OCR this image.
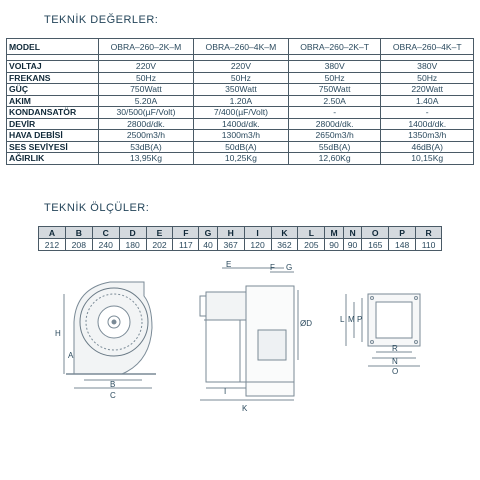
TEKNİK DEĞERLER:
MODEL	OBRA–260–2K–M	OBRA–260–4K–M	OBRA–260–2K–T	OBRA–260–4K–T

VOLTAJ	220V	220V	380V	380V
FREKANS	50Hz	50Hz	50Hz	50Hz
GÜÇ	750Watt	350Watt	750Watt	220Watt
AKIM	5.20A	1.20A	2.50A	1.40A
KONDANSATÖR	30/500(µF/Volt)	7/400(µF/Volt)	-	-
DEVİR	2800d/dk.	1400d/dk.	2800d/dk.	1400d/dk.
HAVA DEBİSİ	2500m3/h	1300m3/h	2650m3/h	1350m3/h
SES SEVİYESİ	53dB(A)	50dB(A)	55dB(A)	46dB(A)
AĞIRLIK	13,95Kg	10,25Kg	12,60Kg	10,15Kg
TEKNİK ÖLÇÜLER:
A	B	C	D	E	F	G	H	I	K	L	M	N	O	P	R
212	208	240	180	202	117	40	367	120	362	205	90	90	165	148	110
H
A
B
C
E	F G
ØD
I
K
L M P
R
N
O
